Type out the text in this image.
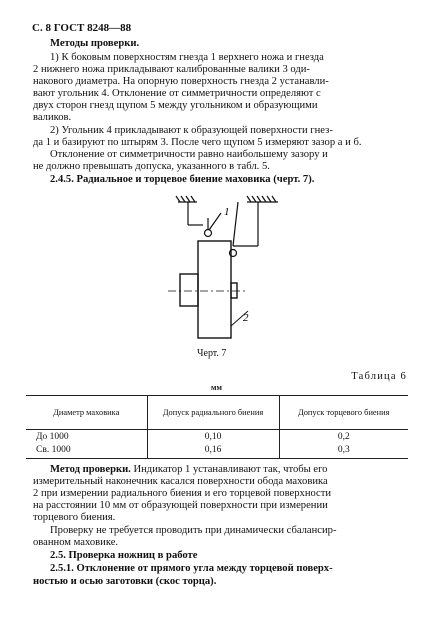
С. 8 ГОСТ 8248—88
Методы проверки.
1) К боковым поверхностям гнезда 1 верхнего ножа и гнезда
2 нижнего ножа прикладывают калиброванные валики 3 оди-
накового диаметра. На опорную поверхность гнезда 2 устанавли-
вают угольник 4. Отклонение от симметричности определяют с
двух сторон гнезд щупом 5 между угольником и образующими
валиков.
2) Угольник 4 прикладывают к образующей поверхности гнез-
да 1 и базируют по штырям 3. После чего щупом 5 измеряют зазор а и б.
Отклонение от симметричности равно наибольшему зазору и
не должно превышать допуска, указанного в табл. 5.
2.4.5. Радиальное и торцевое биение маховика (черт. 7).
1
2
Черт. 7
Таблица 6
мм
Диаметр маховика	Допуск радиального биения	Допуск торцевого биения
До 1000	0,10	0,2
Св. 1000	0,16	0,3
Метод проверки. Индикатор 1 устанавливают так, чтобы его
измерительный наконечник касался поверхности обода маховика
2 при измерении радиального биения и его торцевой поверхности
на расстоянии 10 мм от образующей поверхности при измерении
торцевого биения.
Проверку не требуется проводить при динамически сбалансир-
ованном маховике.
2.5. Проверка ножниц в работе
2.5.1. Отклонение от прямого угла между торцевой поверх-
ностью и осью заготовки (скос торца).
